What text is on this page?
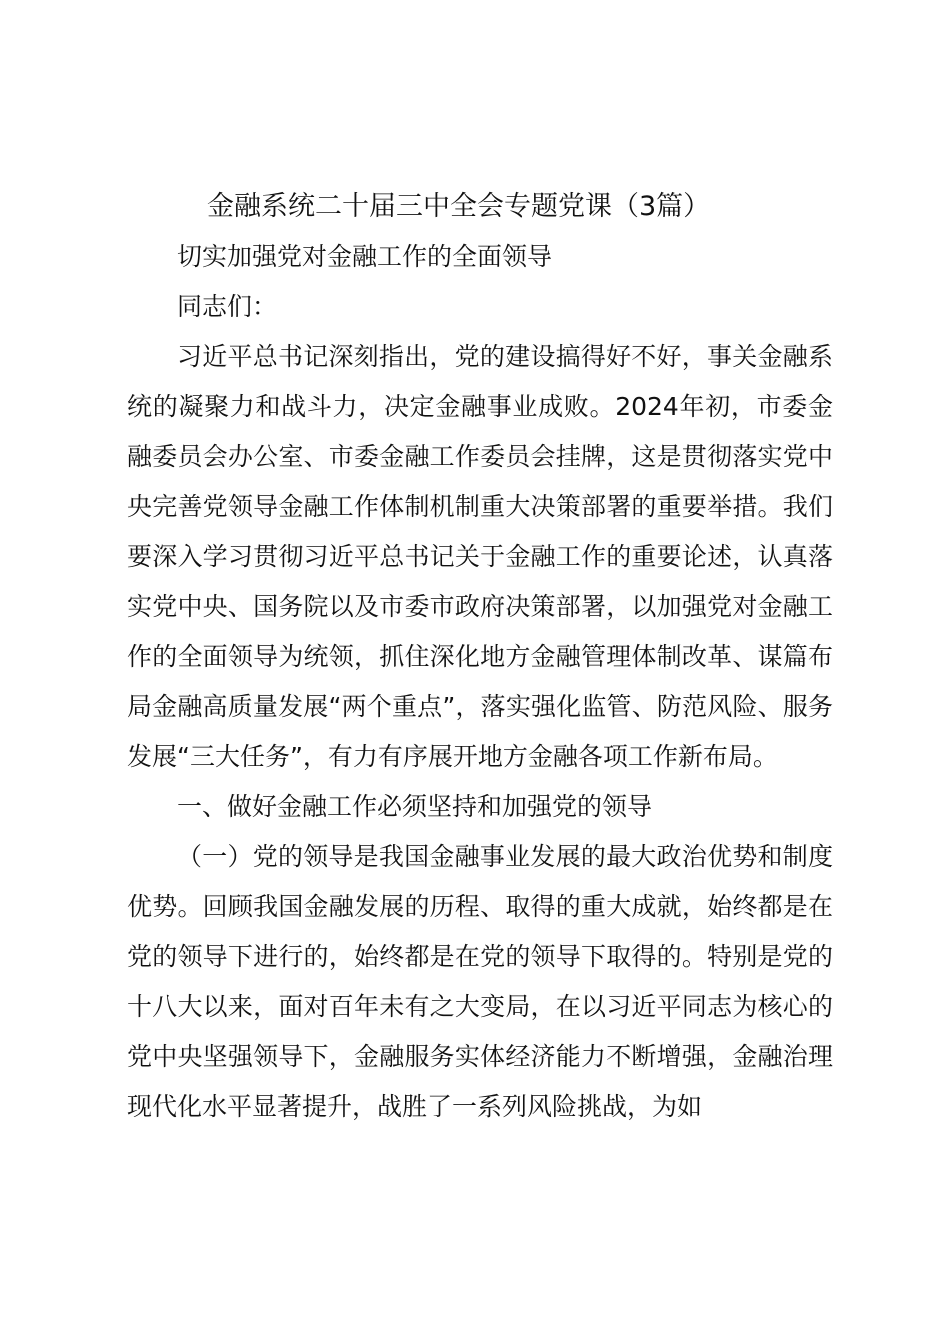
金融系统二十届三中全会专题党课（3篇）

切实加强党对金融工作的全面领导

同志们：

习近平总书记深刻指出，党的建设搞得好不好，事关金融系统的凝聚力和战斗力，决定金融事业成败。2024年初，市委金融委员会办公室、市委金融工作委员会挂牌，这是贯彻落实党中央完善党领导金融工作体制机制重大决策部署的重要举措。我们要深入学习贯彻习近平总书记关于金融工作的重要论述，认真落实党中央、国务院以及市委市政府决策部署，以加强党对金融工作的全面领导为统领，抓住深化地方金融管理体制改革、谋篇布局金融高质量发展“两个重点”，落实强化监管、防范风险、服务发展“三大任务”，有力有序展开地方金融各项工作新布局。

一、做好金融工作必须坚持和加强党的领导

（一）党的领导是我国金融事业发展的最大政治优势和制度优势。回顾我国金融发展的历程、取得的重大成就，始终都是在党的领导下进行的，始终都是在党的领导下取得的。特别是党的十八大以来，面对百年未有之大变局，在以习近平同志为核心的党中央坚强领导下，金融服务实体经济能力不断增强，金融治理现代化水平显著提升，战胜了一系列风险挑战，为如
